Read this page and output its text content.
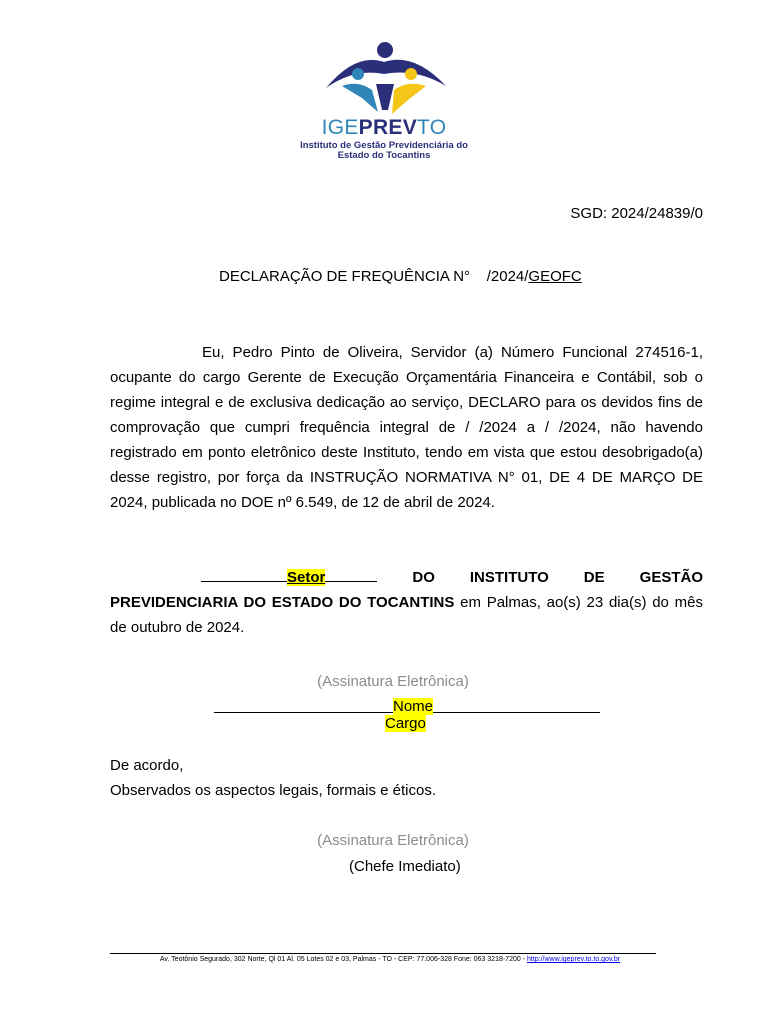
IGEPREVTO
Instituto de Gestão Previdenciária do
Estado do Tocantins
SGD: 2024/24839/0
DECLARAÇÃO DE FREQUÊNCIA N°    /2024/GEOFC
Eu, Pedro Pinto de Oliveira, Servidor (a) Número Funcional 274516-1, ocupante do cargo Gerente de Execução Orçamentária Financeira e Contábil, sob o regime integral e de exclusiva dedicação ao serviço, DECLARO para os devidos fins de comprovação que cumpri frequência integral de / /2024 a / /2024, não havendo registrado em ponto eletrônico deste Instituto, tendo em vista que estou desobrigado(a) desse registro, por força da INSTRUÇÃO NORMATIVA N° 01, DE 4 DE MARÇO DE 2024, publicada no DOE nº 6.549, de 12 de abril de 2024.
Setor	DO INSTITUTO DE GESTÃO PREVIDENCIARIA DO ESTADO DO TOCANTINS em Palmas, ao(s) 23 dia(s) do mês de outubro de 2024.
(Assinatura Eletrônica)
Nome
Cargo
De acordo,
Observados os aspectos legais, formais e éticos.
(Assinatura Eletrônica)
(Chefe Imediato)
Av. Teotônio Segurado, 302 Norte, Ql 01 Al. 05 Lotes 02 e 03, Palmas - TO - CEP: 77.006-328 Fone: 063 3218-7200 - http://www.igeprev.to.to.gov.br
